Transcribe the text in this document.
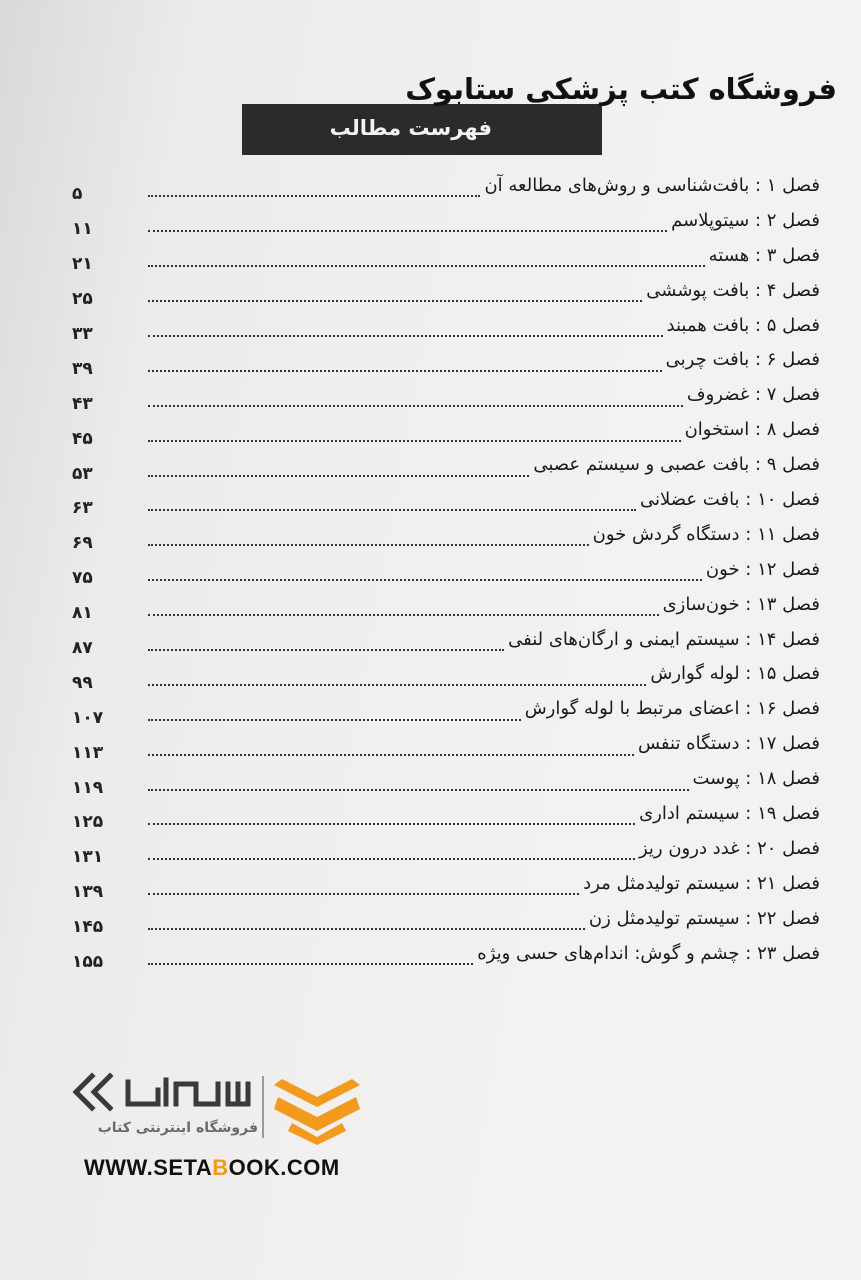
فروشگاه کتب پزشکی ستابوک
فهرست مطالب
۵	فصل ۱ : بافت‌شناسی و روش‌های مطالعه آن
۱۱	فصل ۲ : سیتوپلاسم
۲۱	فصل ۳ : هسته
۲۵	فصل ۴ : بافت پوششی
۳۳	فصل ۵ : بافت همبند
۳۹	فصل ۶ : بافت چربی
۴۳	فصل ۷ : غضروف
۴۵	فصل ۸ : استخوان
۵۳	فصل ۹ : بافت عصبی و سیستم عصبی
۶۳	فصل ۱۰ : بافت عضلانی
۶۹	فصل ۱۱ : دستگاه گردش خون
۷۵	فصل ۱۲ : خون
۸۱	فصل ۱۳ : خون‌سازی
۸۷	فصل ۱۴ : سیستم ایمنی و ارگان‌های لنفی
۹۹	فصل ۱۵ : لوله گوارش
۱۰۷	فصل ۱۶ : اعضای مرتبط با لوله گوارش
۱۱۳	فصل ۱۷ : دستگاه تنفس
۱۱۹	فصل ۱۸ : پوست
۱۲۵	فصل ۱۹ : سیستم اداری
۱۳۱	فصل ۲۰ : غدد درون ریز
۱۳۹	فصل ۲۱ : سیستم تولیدمثل مرد
۱۴۵	فصل ۲۲ : سیستم تولیدمثل زن
۱۵۵	فصل ۲۳ : چشم و گوش: اندام‌های حسی ویژه
فروشگاه اینترنتی کتاب
WWW.SETABOOK.COM
